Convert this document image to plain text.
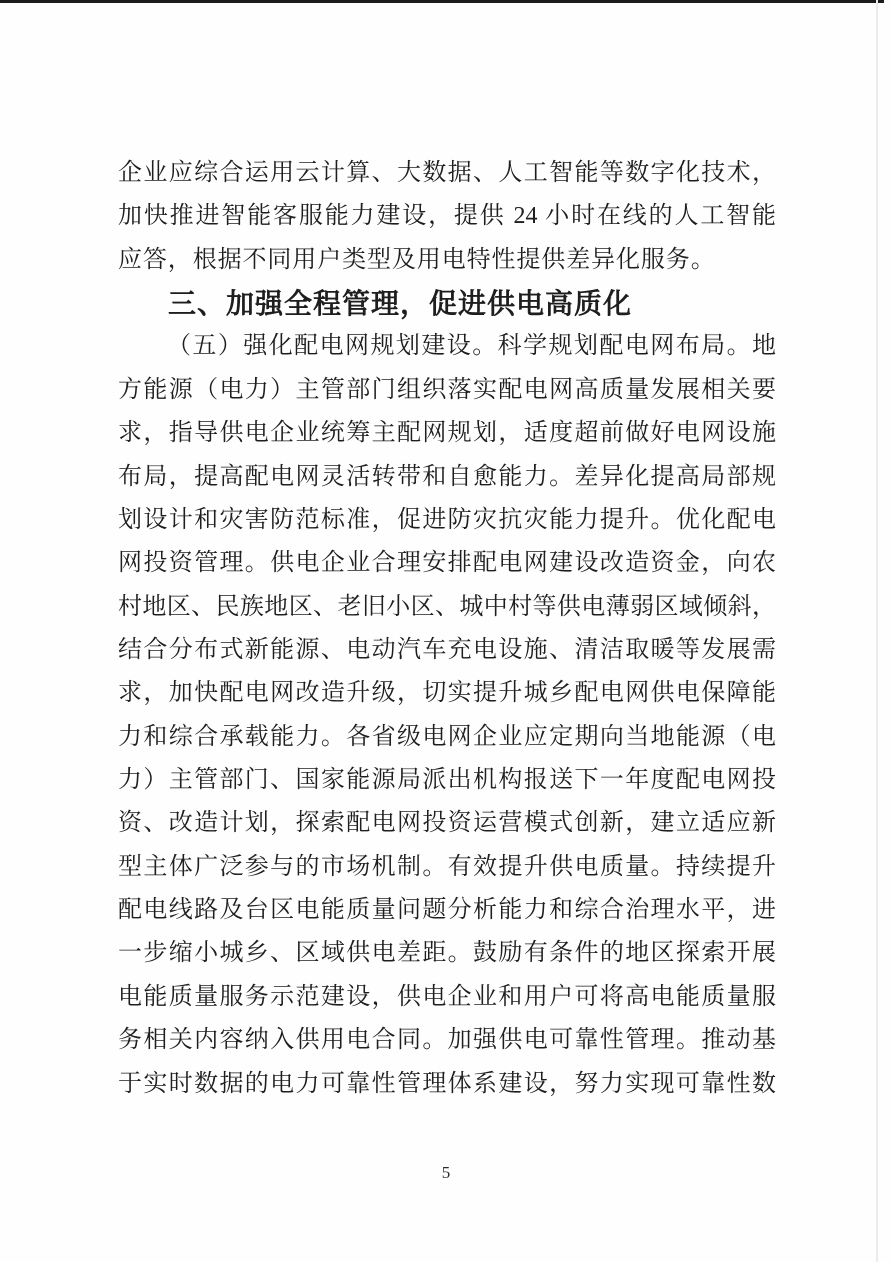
企业应综合运用云计算、大数据、人工智能等数字化技术，
加快推进智能客服能力建设，提供 24 小时在线的人工智能
应答，根据不同用户类型及用电特性提供差异化服务。
三、加强全程管理，促进供电高质化
（五）强化配电网规划建设。科学规划配电网布局。地
方能源（电力）主管部门组织落实配电网高质量发展相关要
求，指导供电企业统筹主配网规划，适度超前做好电网设施
布局，提高配电网灵活转带和自愈能力。差异化提高局部规
划设计和灾害防范标准，促进防灾抗灾能力提升。优化配电
网投资管理。供电企业合理安排配电网建设改造资金，向农
村地区、民族地区、老旧小区、城中村等供电薄弱区域倾斜，
结合分布式新能源、电动汽车充电设施、清洁取暖等发展需
求，加快配电网改造升级，切实提升城乡配电网供电保障能
力和综合承载能力。各省级电网企业应定期向当地能源（电
力）主管部门、国家能源局派出机构报送下一年度配电网投
资、改造计划，探索配电网投资运营模式创新，建立适应新
型主体广泛参与的市场机制。有效提升供电质量。持续提升
配电线路及台区电能质量问题分析能力和综合治理水平，进
一步缩小城乡、区域供电差距。鼓励有条件的地区探索开展
电能质量服务示范建设，供电企业和用户可将高电能质量服
务相关内容纳入供用电合同。加强供电可靠性管理。推动基
于实时数据的电力可靠性管理体系建设，努力实现可靠性数
5
